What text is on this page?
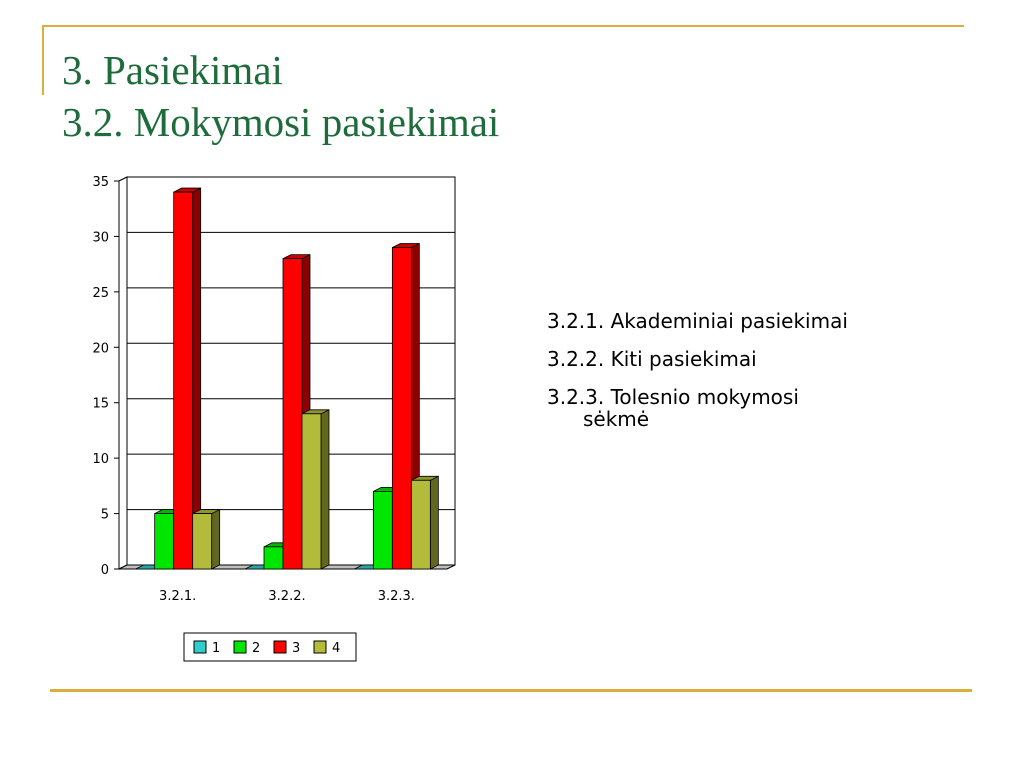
3. Pasiekimai
3.2. Mokymosi pasiekimai
0
5
10
15
20
25
30
35
3.2.1.	3.2.2.	3.2.3.
1 2 3 4
3.2.1. Akademiniai pasiekimai
3.2.2. Kiti pasiekimai
3.2.3. Tolesnio mokymosi
sėkmė
